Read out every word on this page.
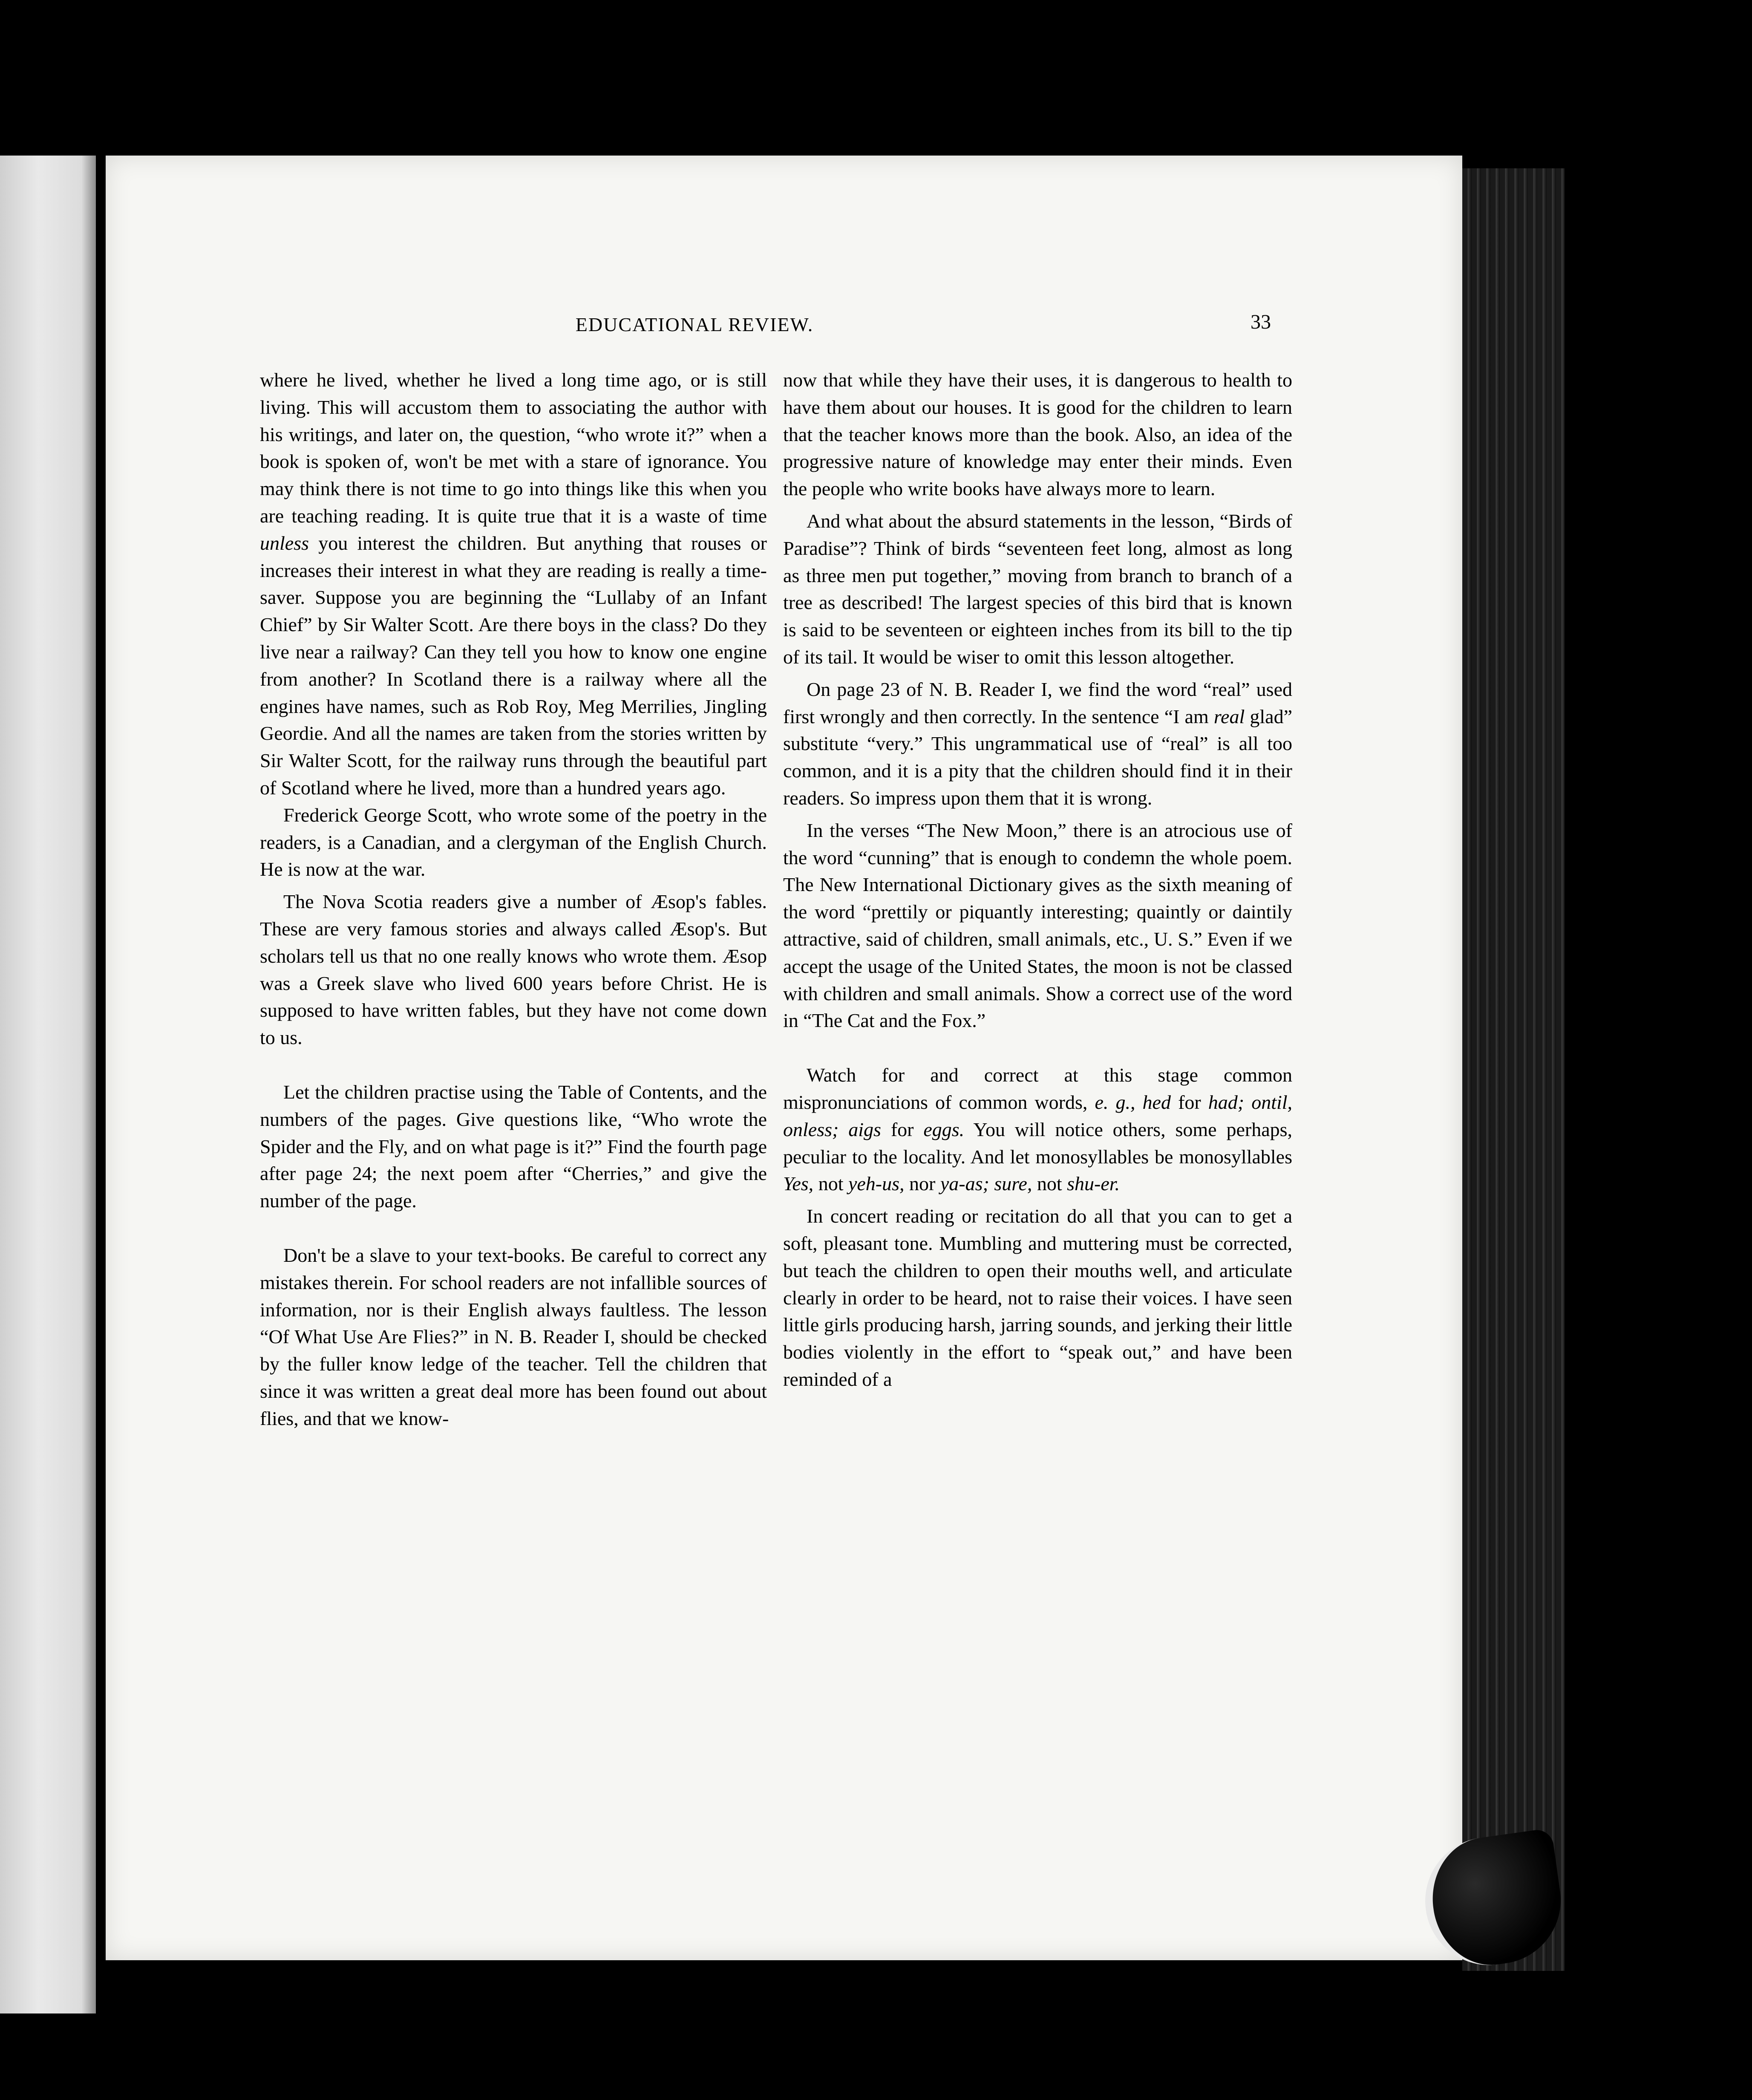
EDUCATIONAL REVIEW.	33

where he lived, whether he lived a long time ago, or is still living. This will accustom them to associating the author with his writings, and later on, the question, “who wrote it?” when a book is spoken of, won't be met with a stare of ignorance. You may think there is not time to go into things like this when you are teaching reading. It is quite true that it is a waste of time unless you interest the children. But anything that rouses or increases their interest in what they are reading is really a time-saver. Suppose you are beginning the “Lullaby of an Infant Chief” by Sir Walter Scott. Are there boys in the class? Do they live near a railway? Can they tell you how to know one engine from another? In Scotland there is a railway where all the engines have names, such as Rob Roy, Meg Merrilies, Jingling Geordie. And all the names are taken from the stories written by Sir Walter Scott, for the railway runs through the beautiful part of Scotland where he lived, more than a hundred years ago.

Frederick George Scott, who wrote some of the poetry in the readers, is a Canadian, and a clergyman of the English Church. He is now at the war.

The Nova Scotia readers give a number of Æsop's fables. These are very famous stories and always called Æsop's. But scholars tell us that no one really knows who wrote them. Æsop was a Greek slave who lived 600 years before Christ. He is supposed to have written fables, but they have not come down to us.

Let the children practise using the Table of Contents, and the numbers of the pages. Give questions like, “Who wrote the Spider and the Fly, and on what page is it?” Find the fourth page after page 24; the next poem after “Cherries,” and give the number of the page.

Don't be a slave to your text-books. Be careful to correct any mistakes therein. For school readers are not infallible sources of information, nor is their English always faultless. The lesson “Of What Use Are Flies?” in N. B. Reader I, should be checked by the fuller know ledge of the teacher. Tell the children that since it was written a great deal more has been found out about flies, and that we know-

now that while they have their uses, it is dangerous to health to have them about our houses. It is good for the children to learn that the teacher knows more than the book. Also, an idea of the progressive nature of knowledge may enter their minds. Even the people who write books have always more to learn.

And what about the absurd statements in the lesson, “Birds of Paradise”? Think of birds “seventeen feet long, almost as long as three men put together,” moving from branch to branch of a tree as described! The largest species of this bird that is known is said to be seventeen or eighteen inches from its bill to the tip of its tail. It would be wiser to omit this lesson altogether.

On page 23 of N. B. Reader I, we find the word “real” used first wrongly and then correctly. In the sentence “I am real glad” substitute “very.” This ungrammatical use of “real” is all too common, and it is a pity that the children should find it in their readers. So impress upon them that it is wrong.

In the verses “The New Moon,” there is an atrocious use of the word “cunning” that is enough to condemn the whole poem. The New International Dictionary gives as the sixth meaning of the word “prettily or piquantly interesting; quaintly or daintily attractive, said of children, small animals, etc., U. S.” Even if we accept the usage of the United States, the moon is not be classed with children and small animals. Show a correct use of the word in “The Cat and the Fox.”

Watch for and correct at this stage common mispronunciations of common words, e. g., hed for had; ontil, onless; aigs for eggs. You will notice others, some perhaps, peculiar to the locality. And let monosyllables be monosyllables Yes, not yeh-us, nor ya-as; sure, not shu-er.

In concert reading or recitation do all that you can to get a soft, pleasant tone. Mumbling and muttering must be corrected, but teach the children to open their mouths well, and articulate clearly in order to be heard, not to raise their voices. I have seen little girls producing harsh, jarring sounds, and jerking their little bodies violently in the effort to “speak out,” and have been reminded of a
